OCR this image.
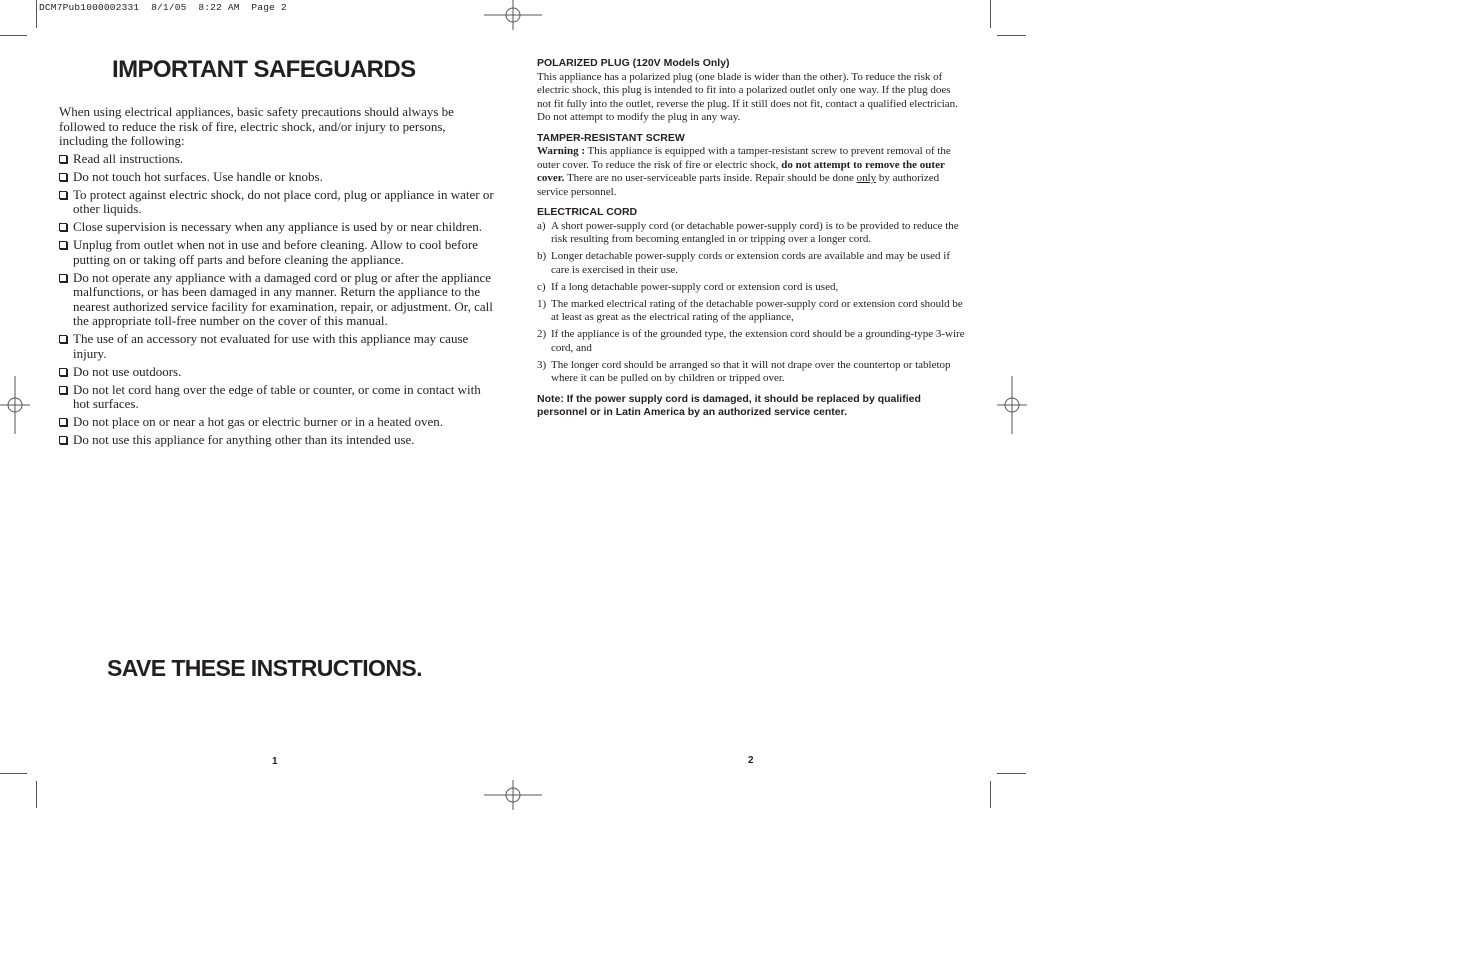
DCM7Pub1000002331  8/1/05  8:22 AM  Page 2
IMPORTANT SAFEGUARDS

When using electrical appliances, basic safety precautions should always be followed to reduce the risk of fire, electric shock, and/or injury to persons, including the following:

Read all instructions.
Do not touch hot surfaces. Use handle or knobs.
To protect against electric shock, do not place cord, plug or appliance in water or other liquids.
Close supervision is necessary when any appliance is used by or near children.
Unplug from outlet when not in use and before cleaning. Allow to cool before putting on or taking off parts and before cleaning the appliance.
Do not operate any appliance with a damaged cord or plug or after the appliance malfunctions, or has been damaged in any manner. Return the appliance to the nearest authorized service facility for examination, repair, or adjustment. Or, call the appropriate toll-free number on the cover of this manual.
The use of an accessory not evaluated for use with this appliance may cause injury.
Do not use outdoors.
Do not let cord hang over the edge of table or counter, or come in contact with hot surfaces.
Do not place on or near a hot gas or electric burner or in a heated oven.
Do not use this appliance for anything other than its intended use.
SAVE THESE INSTRUCTIONS.
1
POLARIZED PLUG (120V Models Only)

This appliance has a polarized plug (one blade is wider than the other). To reduce the risk of electric shock, this plug is intended to fit into a polarized outlet only one way. If the plug does not fit fully into the outlet, reverse the plug. If it still does not fit, contact a qualified electrician. Do not attempt to modify the plug in any way.

TAMPER-RESISTANT SCREW

Warning : This appliance is equipped with a tamper-resistant screw to prevent removal of the outer cover. To reduce the risk of fire or electric shock, do not attempt to remove the outer cover. There are no user-serviceable parts inside. Repair should be done only by authorized service personnel.

ELECTRICAL CORD
a) A short power-supply cord (or detachable power-supply cord) is to be provided to reduce the risk resulting from becoming entangled in or tripping over a longer cord.
b) Longer detachable power-supply cords or extension cords are available and may be used if care is exercised in their use.
c) If a long detachable power-supply cord or extension cord is used,
1) The marked electrical rating of the detachable power-supply cord or extension cord should be at least as great as the electrical rating of the appliance,
2) If the appliance is of the grounded type, the extension cord should be a grounding-type 3-wire cord, and
3) The longer cord should be arranged so that it will not drape over the countertop or tabletop where it can be pulled on by children or tripped over.

Note: If the power supply cord is damaged, it should be replaced by qualified personnel or in Latin America by an authorized service center.

2
